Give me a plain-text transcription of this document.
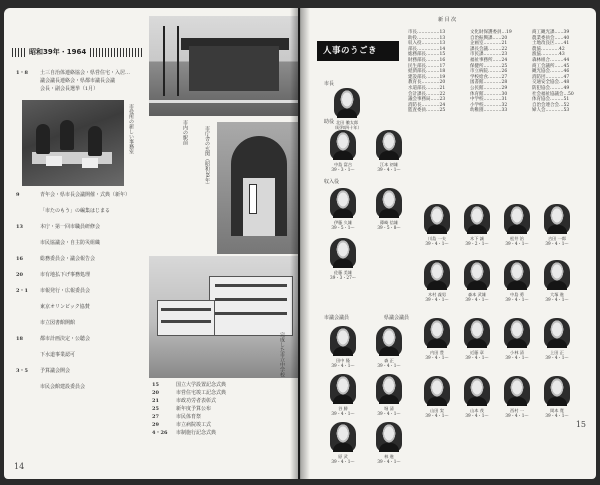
昭和39年・1964
1・8	土三自治体連絡協会・県営住宅・入居…
議会議長連絡会・県都市議長会議
会長・副会長選挙（1月）
9	青年会・県市長会議開催・式典（新年）
「市たのもう」の編集はじまる
13	本庁・第一回市職員研修会
市民協議会・自主防災組織
16	総務委員会・議会報告会
20	市有地払下げ事務処理
2・1	市報発行・広報委員会
東京オリンピック協賛
市立図書館開館
18	都市計画決定・公聴会
下水道事業認可
3・5	予算議会開会
市民会館建設委員会
市役所の新しい事務室	市内の駅前	市庁舎の玄関（昭和39年）
完成した市立中学校
15	国立大学設置記念式典
20	市営住宅竣工記念式典
21	市政功労者表彰式
25	新年度予算公布
27	市民体育祭
29	市立病院竣工式
4・26	市制施行記念式典
14
人事のうごき
新 目 次
市長……………13
助役……………13
収入役…………13
部長……………14
総務部長………15
財務部長………16
民生部長………17
経済部長………18
建設部長………19
教育長…………20
水道部長………21
会計課長………22
議会事務局……23
消防長…………24
監査委員………25
文化財保護委員…19
自治振興課……20
企画室…………21
課長会議………22
市民課…………23
福祉事務所……24
保健所…………25
市立病院………26
学校給食………27
図書館…………28
公民館…………29
体育館…………30
中学校…………31
小学校…………32
幼稚園…………33
商工観光課……39
農業委員会……40
土地改良区……41
農協…………42
漁協…………43
森林組合………44
商工会議所……45
観光協会………46
消防団…………47
交通安全協会…48
防犯協会………49
社会福祉協議会…50
体育協会………51
自治会連合会…52
婦人会…………53
市長
助役
収入役
市議会議員	県議会議員
北田 徹太郎
（昭和四十年）
中島 富吉
39・3・1〜
江本 初雄
39・4・1〜
伊藤 久雄
39・5・1〜
篠崎 信雄
39・5・8〜
佐藤 美雄
39・3・27〜
川島 一夫
39・4・1〜
木下 誠
39・2・1〜
松井 治
39・4・1〜
吉田 一郎
39・4・1〜
木村 義男
39・4・1〜
森本 武雄
39・4・1〜
中島 勇
39・4・1〜
大塚 進
39・4・1〜
内田 豊
39・4・1〜
近藤 章
39・4・1〜
小林 清
39・4・1〜
上田 正
39・4・1〜
山田 実
39・4・1〜
山本 茂
39・4・1〜
西村 一
39・4・1〜
岡本 寛
39・4・1〜
田中 隆
39・4・1〜
森 正
39・4・1〜
谷 勝
39・4・1〜
堀 清
39・4・1〜
原 武
39・4・1〜
林 進
39・4・1〜
15
